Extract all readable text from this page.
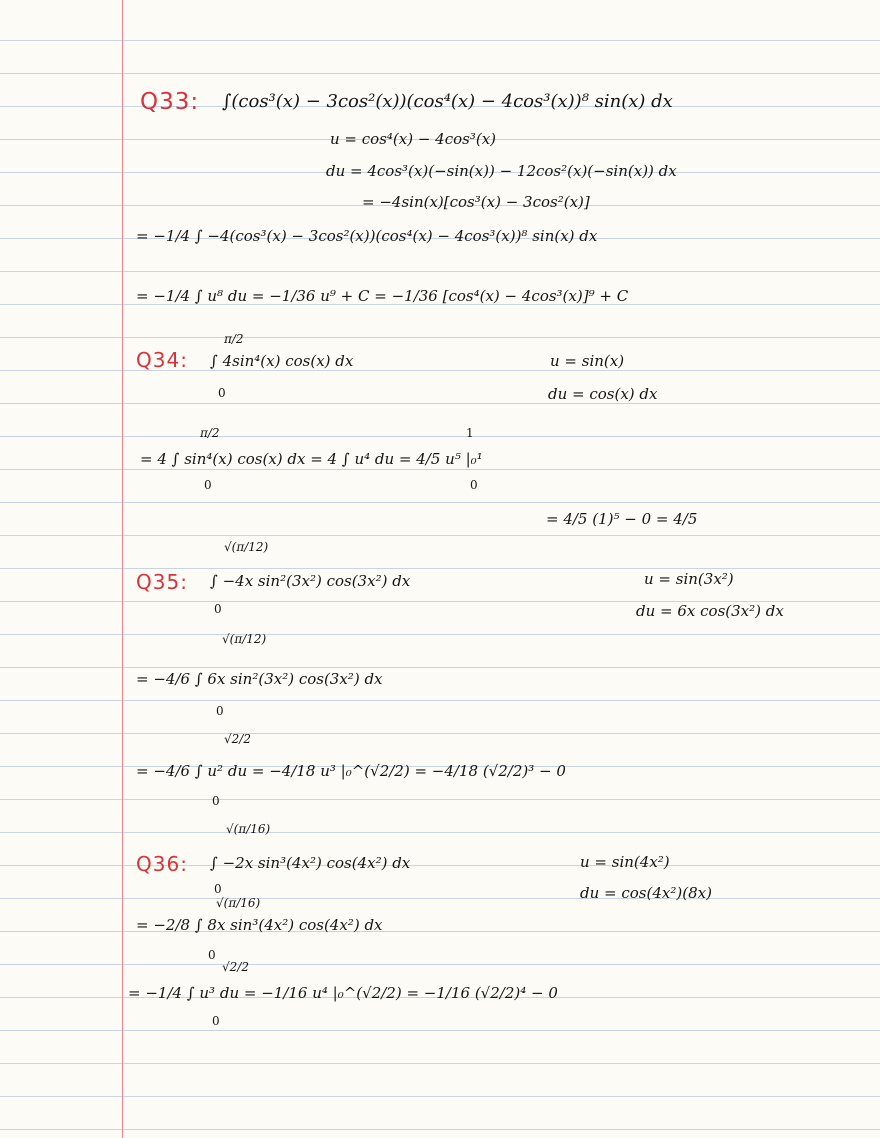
Q33: ∫(cos³(x) − 3cos²(x))(cos⁴(x) − 4cos³(x))⁸ sin(x) dx
u = cos⁴(x) − 4cos³(x)
du = 4cos³(x)(−sin(x)) − 12cos²(x)(−sin(x)) dx
= −4sin(x)[cos³(x) − 3cos²(x)]
= −1/4 ∫ −4(cos³(x) − 3cos²(x))(cos⁴(x) − 4cos³(x))⁸ sin(x) dx
= −1/4 ∫ u⁸ du = −1/36 u⁹ + C = −1/36 [cos⁴(x) − 4cos³(x)]⁹ + C
Q34:
π/2
∫ 4sin⁴(x) cos(x) dx
0
u = sin(x)
du = cos(x) dx
π/2
0
1
0
= 4 ∫ sin⁴(x) cos(x) dx = 4 ∫ u⁴ du = 4/5 u⁵ |₀¹
= 4/5 (1)⁵ − 0 = 4/5
Q35:
√(π/12)
∫ −4x sin²(3x²) cos(3x²) dx
0
u = sin(3x²)
du = 6x cos(3x²) dx
√(π/12)
= −4/6 ∫ 6x sin²(3x²) cos(3x²) dx
0
√2/2
= −4/6 ∫ u² du = −4/18 u³ |₀^(√2/2) = −4/18 (√2/2)³ − 0
0
Q36:
√(π/16)
∫ −2x sin³(4x²) cos(4x²) dx
0
u = sin(4x²)
du = cos(4x²)(8x)
√(π/16)
= −2/8 ∫ 8x sin³(4x²) cos(4x²) dx
0
√2/2
= −1/4 ∫ u³ du = −1/16 u⁴ |₀^(√2/2) = −1/16 (√2/2)⁴ − 0
0
